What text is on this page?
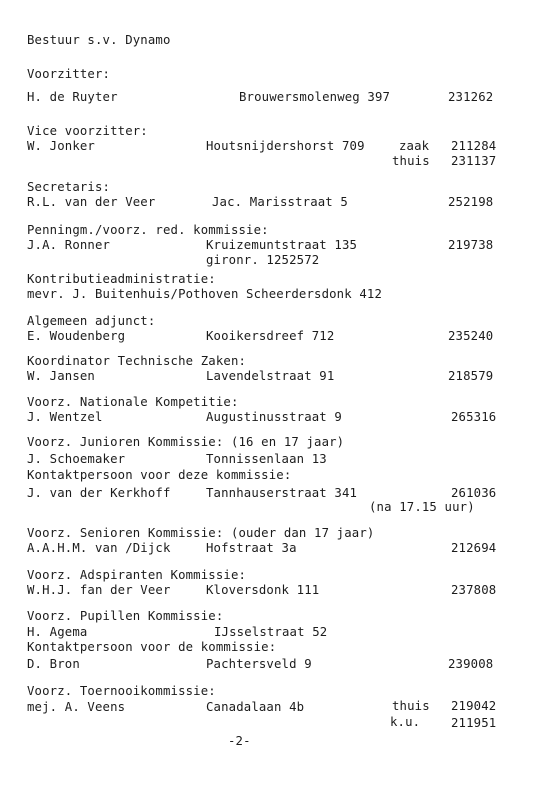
Bestuur s.v. Dynamo
Voorzitter:
H. de Ruyter	Brouwersmolenweg 397	231262
Vice voorzitter:
W. Jonker	Houtsnijdershorst 709	zaak 211284
thuis 231137
Secretaris:
R.L. van der Veer	Jac. Marisstraat 5	252198
Penningm./voorz. red. kommissie:
J.A. Ronner	Kruizemuntstraat 135	219738
gironr. 1252572
Kontributieadministratie:
mevr. J. Buitenhuis/Pothoven Scheerdersdonk 412
Algemeen adjunct:
E. Woudenberg	Kooikersdreef 712	235240
Koordinator Technische Zaken:
W. Jansen	Lavendelstraat 91	218579
Voorz. Nationale Kompetitie:
J. Wentzel	Augustinusstraat 9	265316
Voorz. Junioren Kommissie: (16 en 17 jaar)
J. Schoemaker	Tonnissenlaan 13
Kontaktpersoon voor deze kommissie:
J. van der Kerkhoff	Tannhauserstraat 341	261036
(na 17.15 uur)
Voorz. Senioren Kommissie: (ouder dan 17 jaar)
A.A.H.M. van /Dijck	Hofstraat 3a	212694
Voorz. Adspiranten Kommissie:
W.H.J. fan der Veer	Kloversdonk 111	237808
Voorz. Pupillen Kommissie:
H. Agema	IJsselstraat 52
Kontaktpersoon voor de kommissie:
D. Bron	Pachtersveld 9	239008
Voorz. Toernooikommissie:
mej. A. Veens	Canadalaan 4b	thuis 219042
k.u.	211951
-2-
